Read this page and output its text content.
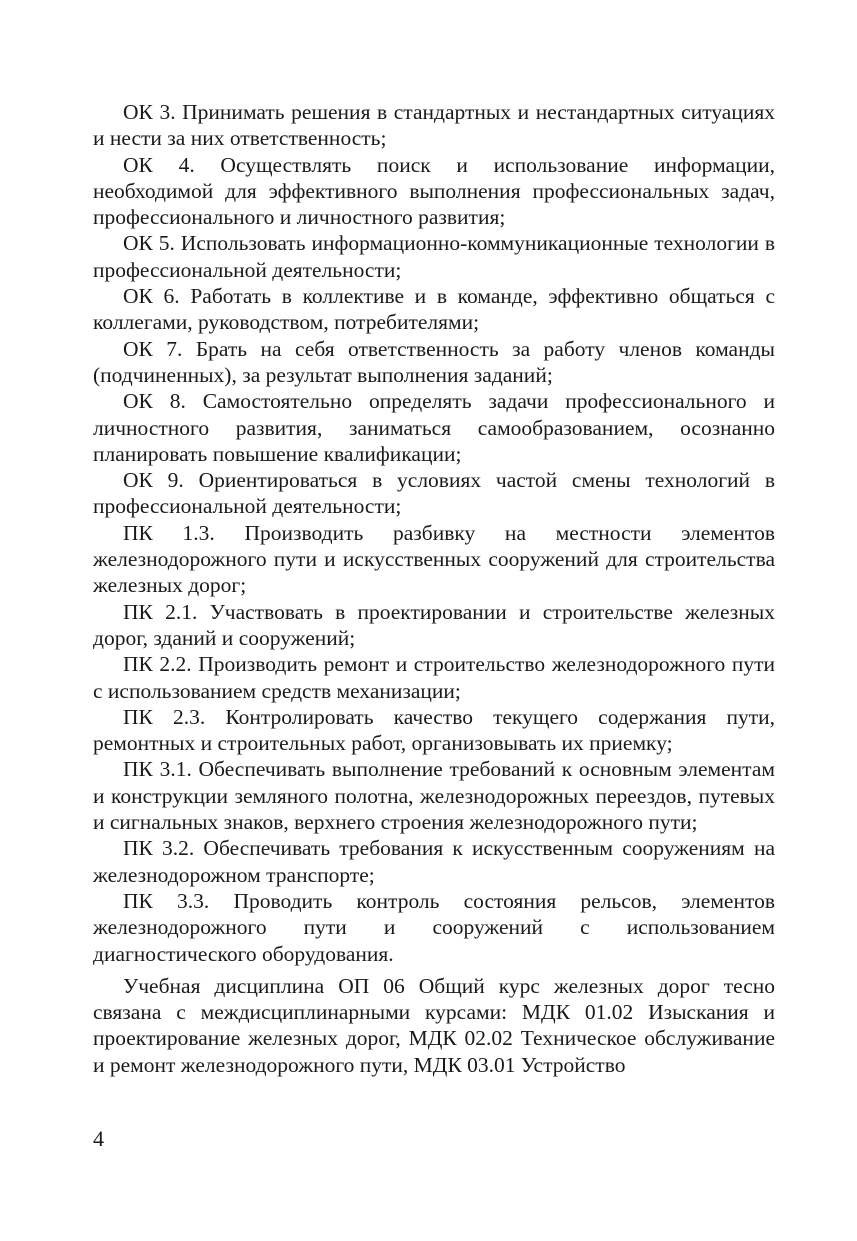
ОК 3. Принимать решения в стандартных и нестандартных ситуациях и нести за них ответственность;

ОК 4. Осуществлять поиск и использование информации, необходимой для эффективного выполнения профессиональных задач, профессионального и личностного развития;

ОК 5. Использовать информационно-коммуникационные технологии в профессиональной деятельности;

ОК 6. Работать в коллективе и в команде, эффективно общаться с коллегами, руководством, потребителями;

ОК 7. Брать на себя ответственность за работу членов команды (подчиненных), за результат выполнения заданий;

ОК 8. Самостоятельно определять задачи профессионального и личностного развития, заниматься самообразованием, осознанно планировать повышение квалификации;

ОК 9. Ориентироваться в условиях частой смены технологий в профессиональной деятельности;

ПК 1.3. Производить разбивку на местности элементов железнодорожного пути и искусственных сооружений для строительства железных дорог;

ПК 2.1. Участвовать в проектировании и строительстве железных дорог, зданий и сооружений;

ПК 2.2. Производить ремонт и строительство железнодорожного пути с использованием средств механизации;

ПК 2.3. Контролировать качество текущего содержания пути, ремонтных и строительных работ, организовывать их приемку;

ПК 3.1. Обеспечивать выполнение требований к основным элементам и конструкции земляного полотна, железнодорожных переездов, путевых и сигнальных знаков, верхнего строения железнодорожного пути;

ПК 3.2. Обеспечивать требования к искусственным сооружениям на железнодорожном транспорте;

ПК 3.3. Проводить контроль состояния рельсов, элементов железнодорожного пути и сооружений с использованием диагностического оборудования.

Учебная дисциплина ОП 06 Общий курс железных дорог тесно связана с междисциплинарными курсами: МДК 01.02 Изыскания и проектирование железных дорог, МДК 02.02 Техническое обслуживание и ремонт железнодорожного пути, МДК 03.01 Устройство

4
